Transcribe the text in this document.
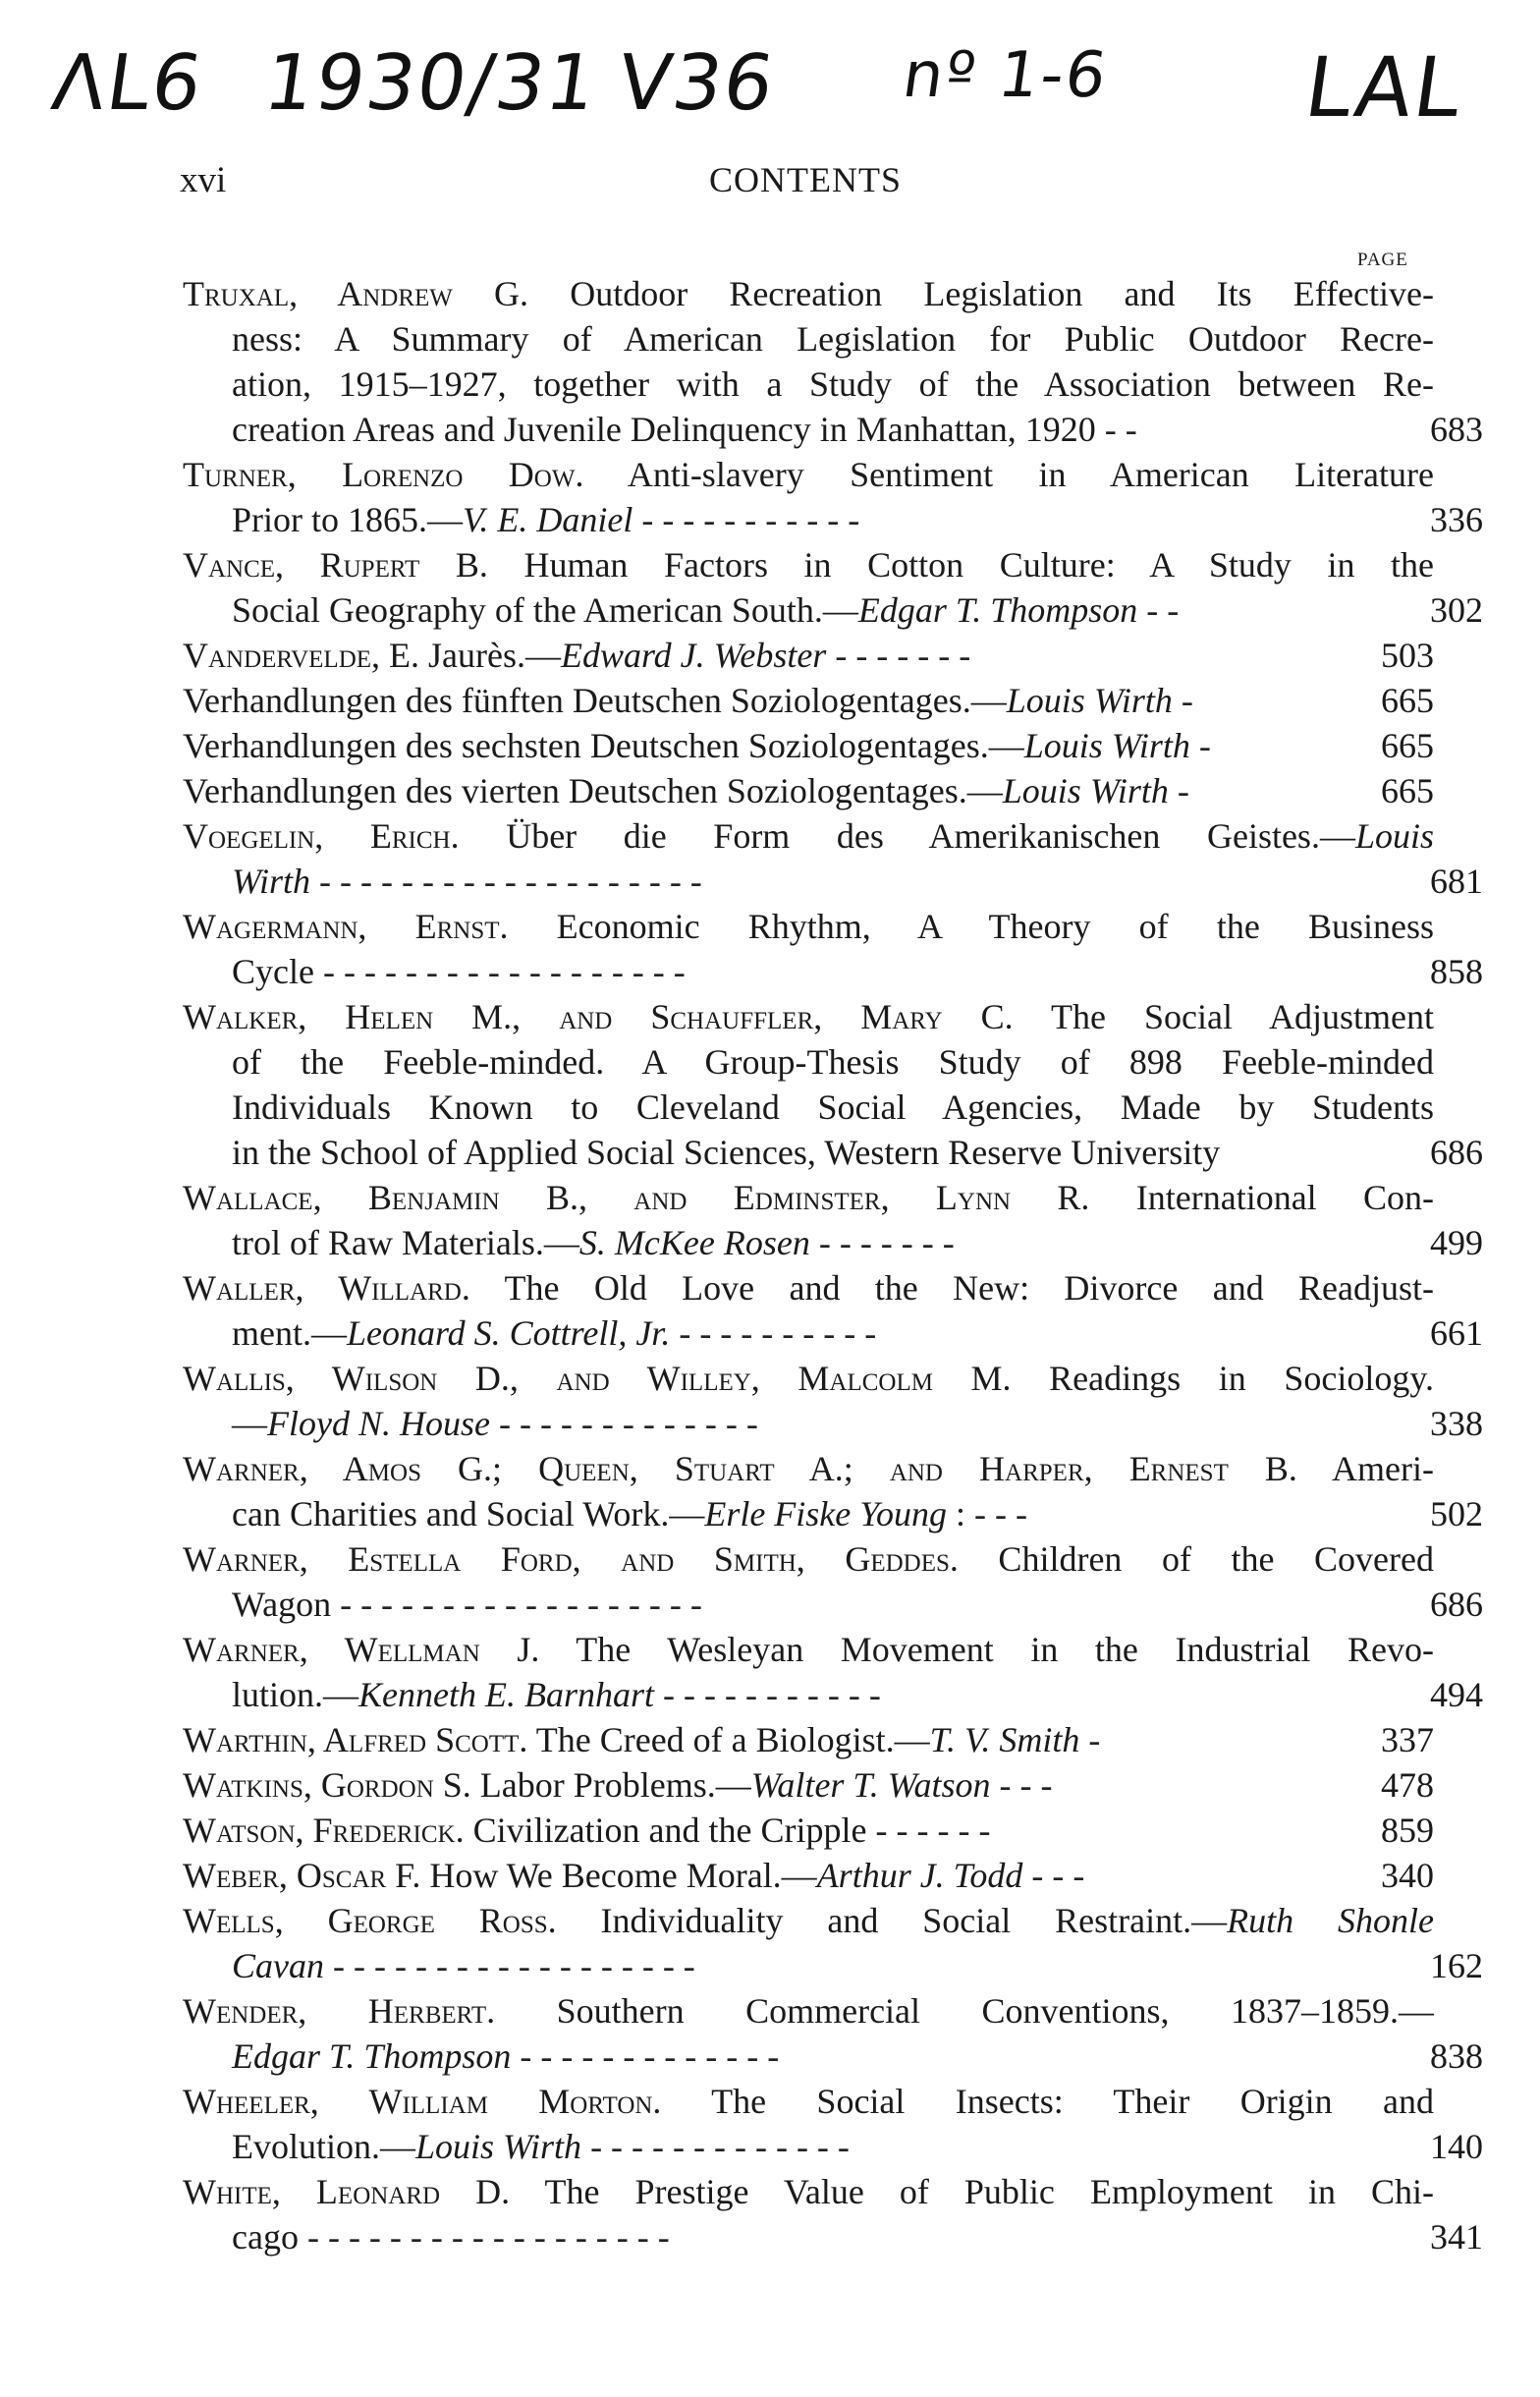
ΛL6 1930/31 V36 nº 1-6 LAL
xvi	CONTENTS
PAGE
Truxal, Andrew G. Outdoor Recreation Legislation and Its Effective-
ness: A Summary of American Legislation for Public Outdoor Recre-
ation, 1915–1927, together with a Study of the Association between Re-
creation Areas and Juvenile Delinquency in Manhattan, 1920 - -	683
Turner, Lorenzo Dow. Anti-slavery Sentiment in American Literature
Prior to 1865.—V. E. Daniel - - - - - - - - - - -	336
Vance, Rupert B. Human Factors in Cotton Culture: A Study in the
Social Geography of the American South.—Edgar T. Thompson - -	302
Vandervelde, E. Jaurès.—Edward J. Webster - - - - - - -	503
Verhandlungen des fünften Deutschen Soziologentages.—Louis Wirth -	665
Verhandlungen des sechsten Deutschen Soziologentages.—Louis Wirth -	665
Verhandlungen des vierten Deutschen Soziologentages.—Louis Wirth -	665
Voegelin, Erich. Über die Form des Amerikanischen Geistes.—Louis
Wirth - - - - - - - - - - - - - - - - - - -	681
Wagermann, Ernst. Economic Rhythm, A Theory of the Business
Cycle - - - - - - - - - - - - - - - - - -	858
Walker, Helen M., and Schauffler, Mary C. The Social Adjustment
of the Feeble-minded. A Group-Thesis Study of 898 Feeble-minded
Individuals Known to Cleveland Social Agencies, Made by Students
in the School of Applied Social Sciences, Western Reserve University	686
Wallace, Benjamin B., and Edminster, Lynn R. International Con-
trol of Raw Materials.—S. McKee Rosen - - - - - - -	499
Waller, Willard. The Old Love and the New: Divorce and Readjust-
ment.—Leonard S. Cottrell, Jr. - - - - - - - - - -	661
Wallis, Wilson D., and Willey, Malcolm M. Readings in Sociology.
—Floyd N. House - - - - - - - - - - - - -	338
Warner, Amos G.; Queen, Stuart A.; and Harper, Ernest B. Ameri-
can Charities and Social Work.—Erle Fiske Young : - - -	502
Warner, Estella Ford, and Smith, Geddes. Children of the Covered
Wagon - - - - - - - - - - - - - - - - - -	686
Warner, Wellman J. The Wesleyan Movement in the Industrial Revo-
lution.—Kenneth E. Barnhart - - - - - - - - - - -	494
Warthin, Alfred Scott. The Creed of a Biologist.—T. V. Smith -	337
Watkins, Gordon S. Labor Problems.—Walter T. Watson - - -	478
Watson, Frederick. Civilization and the Cripple - - - - - -	859
Weber, Oscar F. How We Become Moral.—Arthur J. Todd - - -	340
Wells, George Ross. Individuality and Social Restraint.—Ruth Shonle
Cavan - - - - - - - - - - - - - - - - - -	162
Wender, Herbert. Southern Commercial Conventions, 1837–1859.—
Edgar T. Thompson - - - - - - - - - - - - -	838
Wheeler, William Morton. The Social Insects: Their Origin and
Evolution.—Louis Wirth - - - - - - - - - - - - -	140
White, Leonard D. The Prestige Value of Public Employment in Chi-
cago - - - - - - - - - - - - - - - - - -	341
